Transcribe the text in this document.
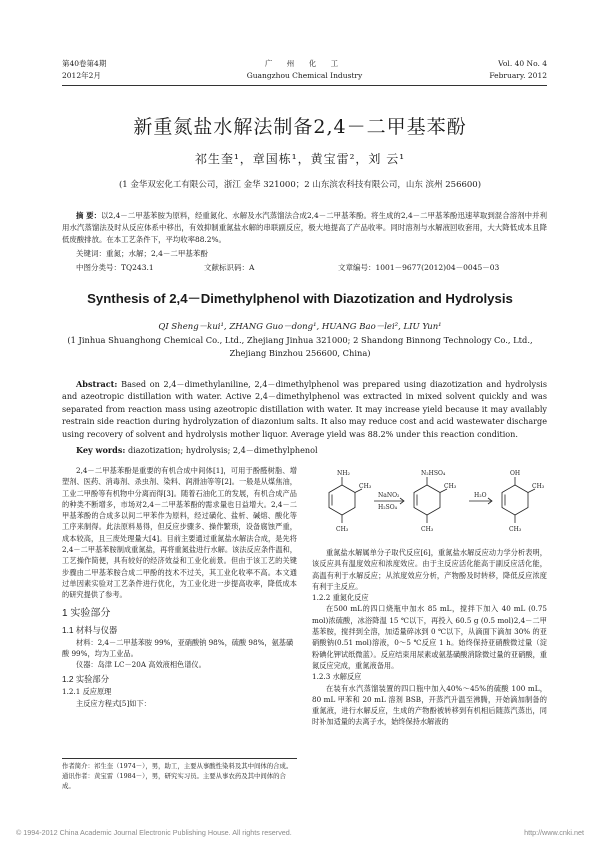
第40卷第4期
2012年2月
广 州 化 工
Guangzhou Chemical Industry
Vol. 40 No. 4
February. 2012
新重氮盐水解法制备2,4－二甲基苯酚
祁生奎¹，章国栋¹，黄宝雷²，刘 云¹
(1 金华双宏化工有限公司，浙江 金华 321000；2 山东滨农科技有限公司，山东 滨州 256600)
摘 要：以2,4－二甲基苯胺为原料，经重氮化、水解及水汽蒸馏法合成2,4－二甲基苯酚。将生成的2,4－二甲基苯酚迅速萃取到混合溶剂中并利用水汽蒸馏法及时从反应体系中移出，有效抑制重氮盐水解的串联副反应，极大地提高了产品收率。同时溶剂与水解液回收套用，大大降低成本且降低废酸排放。在本工艺条件下，平均收率88.2%。
关键词：重氮；水解；2,4－二甲基苯酚
中图分类号：TQ243.1	文献标识码：A	文章编号：1001－9677(2012)04－0045－03
Synthesis of 2,4－Dimethylphenol with Diazotization and Hydrolysis
QI Sheng－kui¹, ZHANG Guo－dong¹, HUANG Bao－lei², LIU Yun¹
(1 Jinhua Shuanghong Chemical Co., Ltd., Zhejiang Jinhua 321000; 2 Shandong Binnong Technology Co., Ltd.,
Zhejiang Binzhou 256600, China)
Abstract: Based on 2,4－dimethylaniline, 2,4－dimethylphenol was prepared using diazotization and hydrolysis and azeotropic distillation with water. Active 2,4－dimethylphenol was extracted in mixed solvent quickly and was separated from reaction mass using azeotropic distillation with water. It may increase yield because it may availably restrain side reaction during hydrolyzation of diazonium salts. It also may reduce cost and acid wastewater discharge using recovery of solvent and hydrolysis mother liquor. Average yield was 88.2% under this reaction condition.
Key words: diazotization; hydrolysis; 2,4－dimethylphenol

2,4－二甲基苯酚是重要的有机合成中间体[1]，可用于酚醛树脂、增塑剂、医药、消毒剂、杀虫剂、染料、润滑油等等[2]。一般是从煤焦油，工业二甲酚等有机物中分离而得[3]。随着石油化工的发展，有机合成产品的种类不断增多，市场对2,4－二甲基苯酚的需求量也日益增大。2,4－二甲基苯酚的合成多以间二甲苯作为原料，经过磺化、盐析、碱熔、酸化等工序来制得。此法原料易得，但反应步骤多、操作繁琐，设备腐蚀严重，成本较高，且三废处理量大[4]。目前主要通过重氮盐水解法合成，是先将2,4－二甲基苯胺制成重氮盐，再将重氮盐进行水解。该法反应条件温和，工艺操作简便，具有较好的经济效益和工业化前景。但由于该工艺的关键步骤由二甲基苯胺合成二甲酚的技术不过关，其工业化收率不高。本文通过单因素实验对工艺条件进行优化，为工业化进一步提高收率，降低成本的研究提供了参考。

1 实验部分
1.1 材料与仪器

材料：2,4－二甲基苯胺 99%，亚硝酸钠 98%，硫酸 98%，氨基磺酸 99%，均为工业品。

仪器：岛津 LC－20A 高效液相色谱仪。

1.2 实验部分
1.2.1 反应原理

主反应方程式[5]如下：

作者简介：祁生奎（1974－），男，助工，主要从事酸性染料及其中间体的合成。
通讯作者：黄宝雷（1984－），男，研究实习员。主要从事农药及其中间体的合成。
NH₂
CH₃
CH₃
NaNO₂
H₂SO₄
N₂HSO₄
CH₃
CH₃
H₂O
OH
CH₃
CH₃

重氮盐水解属单分子取代反应[6]，重氮盐水解反应动力学分析表明，该反应具有温度效应和浓度效应。由于主反应活化能高于副反应活化能，高温有利于水解反应；从浓度效应分析，产物酚及时转移，降低反应浓度有利于主反应。

1.2.2 重氮化反应

在500 mL的四口烧瓶中加水 85 mL，搅拌下加入 40 mL (0.75 mol)浓硫酸，冰浴降温 15 ℃以下，再投入 60.5 g (0.5 mol)2,4－二甲基苯胺，搅拌到全溶，加适量碎冰到 0 ℃以下，从滴面下滴加 30% 的亚硝酸钠(0.51 mol)溶液，0～5 ℃反应 1 h。始终保持亚硝酸微过量（淀粉碘化钾试纸微蓝）。反应结束用尿素或氨基磺酸消除微过量的亚硝酸，重氮反应完成，重氮液备用。

1.2.3 水解反应

在装有水汽蒸馏装置的四口瓶中加入40%～45%的硫酸 100 mL，80 mL 甲苯和 20 mL 溶剂 BSB，开蒸汽升温至沸腾，开始滴加制备的重氮液，进行水解反应，生成的产物酚被转移到有机相后随蒸汽蒸出，同时补加适量的去离子水，始终保持水解液的

© 1994-2012 China Academic Journal Electronic Publishing House. All rights reserved.	http://www.cnki.net
